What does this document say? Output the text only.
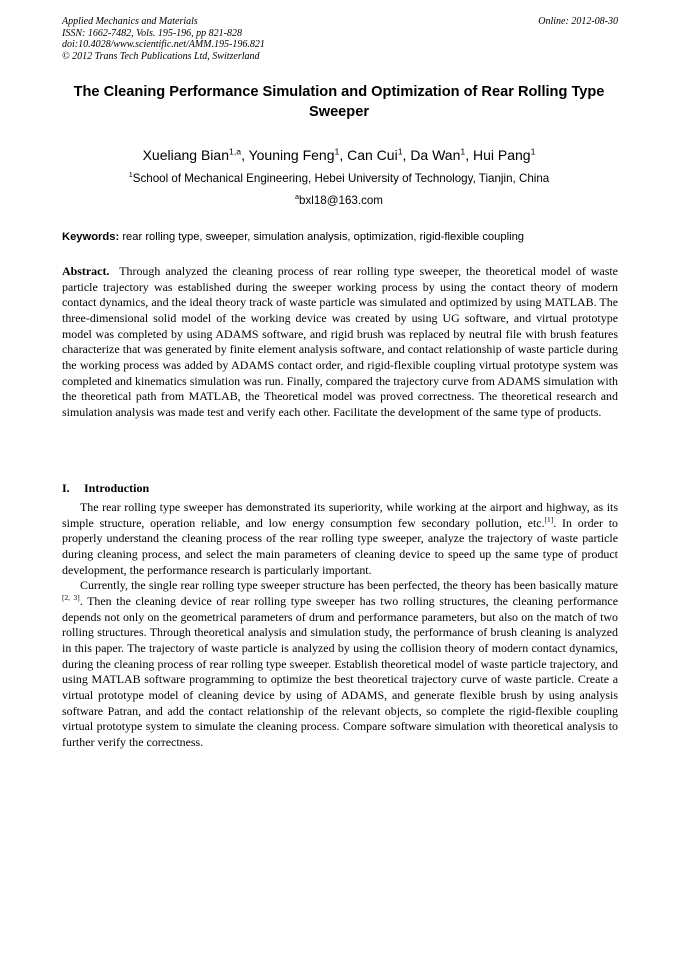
Applied Mechanics and Materials
ISSN: 1662-7482, Vols. 195-196, pp 821-828
doi:10.4028/www.scientific.net/AMM.195-196.821
© 2012 Trans Tech Publications Ltd, Switzerland
Online: 2012-08-30
The Cleaning Performance Simulation and Optimization of Rear Rolling Type Sweeper
Xueliang Bian$^{1,a}$, Youning Feng$^1$, Can Cui$^1$, Da Wan$^1$, Hui Pang$^1$
$^1$School of Mechanical Engineering, Hebei University of Technology, Tianjin, China
$^a$bxl18@163.com
Keywords: rear rolling type, sweeper, simulation analysis, optimization, rigid-flexible coupling

Abstract. Through analyzed the cleaning process of rear rolling type sweeper, the theoretical model of waste particle trajectory was established during the sweeper working process by using the contact theory of modern contact dynamics, and the ideal theory track of waste particle was simulated and optimized by using MATLAB. The three-dimensional solid model of the working device was created by using UG software, and virtual prototype model was completed by using ADAMS software, and rigid brush was replaced by neutral file with brush features characterize that was generated by finite element analysis software, and contact relationship of waste particle during the working process was added by ADAMS contact order, and rigid-flexible coupling virtual prototype system was completed and kinematics simulation was run. Finally, compared the trajectory curve from ADAMS simulation with the theoretical path from MATLAB, the Theoretical model was proved correctness. The theoretical research and simulation analysis was made test and verify each other. Facilitate the development of the same type of products.

I. Introduction

The rear rolling type sweeper has demonstrated its superiority, while working at the airport and highway, as its simple structure, operation reliable, and low energy consumption few secondary pollution, etc.[1]. In order to properly understand the cleaning process of the rear rolling type sweeper, analyze the trajectory of waste particle during cleaning process, and select the main parameters of cleaning device to speed up the same type of product development, the performance research is particularly important.

Currently, the single rear rolling type sweeper structure has been perfected, the theory has been basically mature [2, 3]. Then the cleaning device of rear rolling type sweeper has two rolling structures, the cleaning performance depends not only on the geometrical parameters of drum and performance parameters, but also on the match of two rolling structures. Through theoretical analysis and simulation study, the performance of brush cleaning is analyzed in this paper. The trajectory of waste particle is analyzed by using the collision theory of modern contact dynamics, during the cleaning process of rear rolling type sweeper. Establish theoretical model of waste particle trajectory, and using MATLAB software programming to optimize the best theoretical trajectory curve of waste particle. Create a virtual prototype model of cleaning device by using of ADAMS, and generate flexible brush by using analysis software Patran, and add the contact relationship of the relevant objects, so complete the rigid-flexible coupling virtual prototype system to simulate the cleaning process. Compare software simulation with theoretical analysis to further verify the correctness.
